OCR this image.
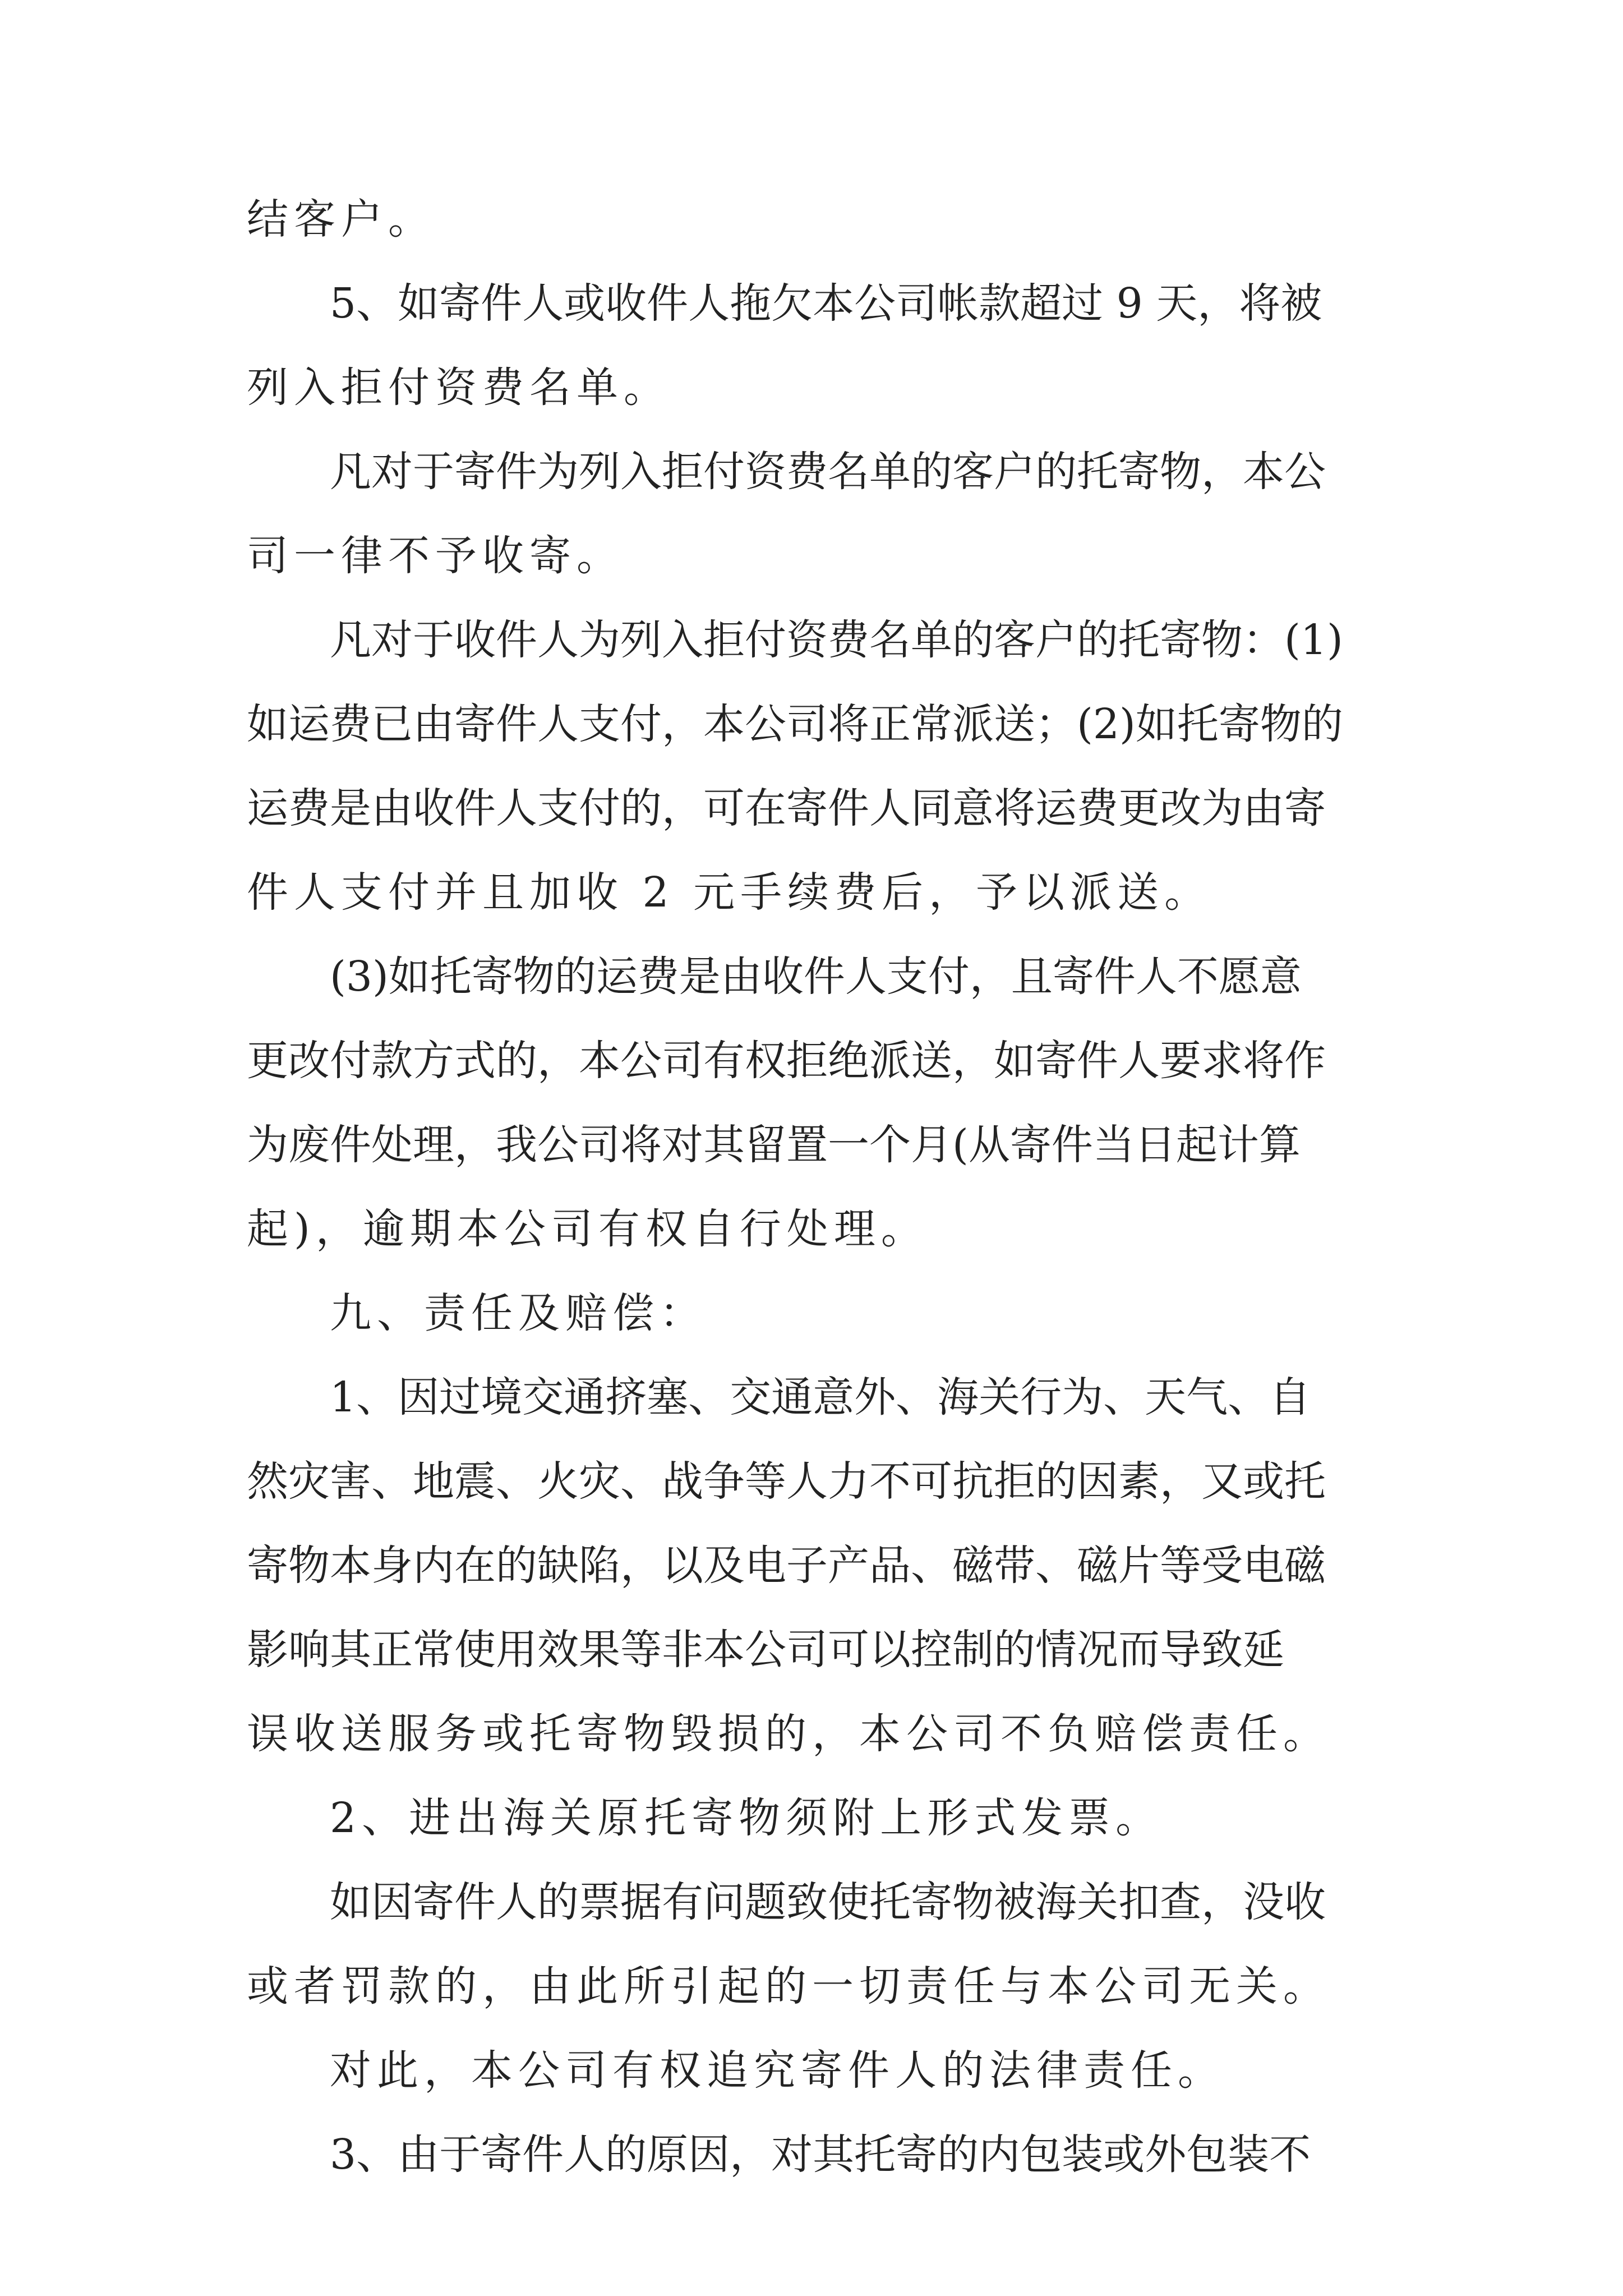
结客户。
5、如寄件人或收件人拖欠本公司帐款超过 9 天，将被
列入拒付资费名单。
凡对于寄件为列入拒付资费名单的客户的托寄物，本公
司一律不予收寄。
凡对于收件人为列入拒付资费名单的客户的托寄物：(1)
如运费已由寄件人支付，本公司将正常派送；(2)如托寄物的
运费是由收件人支付的，可在寄件人同意将运费更改为由寄
件人支付并且加收 2 元手续费后，予以派送。
(3)如托寄物的运费是由收件人支付，且寄件人不愿意
更改付款方式的，本公司有权拒绝派送，如寄件人要求将作
为废件处理，我公司将对其留置一个月(从寄件当日起计算
起)，逾期本公司有权自行处理。
九、责任及赔偿：
1、因过境交通挤塞、交通意外、海关行为、天气、自
然灾害、地震、火灾、战争等人力不可抗拒的因素，又或托
寄物本身内在的缺陷，以及电子产品、磁带、磁片等受电磁
影响其正常使用效果等非本公司可以控制的情况而导致延
误收送服务或托寄物毁损的，本公司不负赔偿责任。
2、进出海关原托寄物须附上形式发票。
如因寄件人的票据有问题致使托寄物被海关扣查，没收
或者罚款的，由此所引起的一切责任与本公司无关。
对此，本公司有权追究寄件人的法律责任。
3、由于寄件人的原因，对其托寄的内包装或外包装不
